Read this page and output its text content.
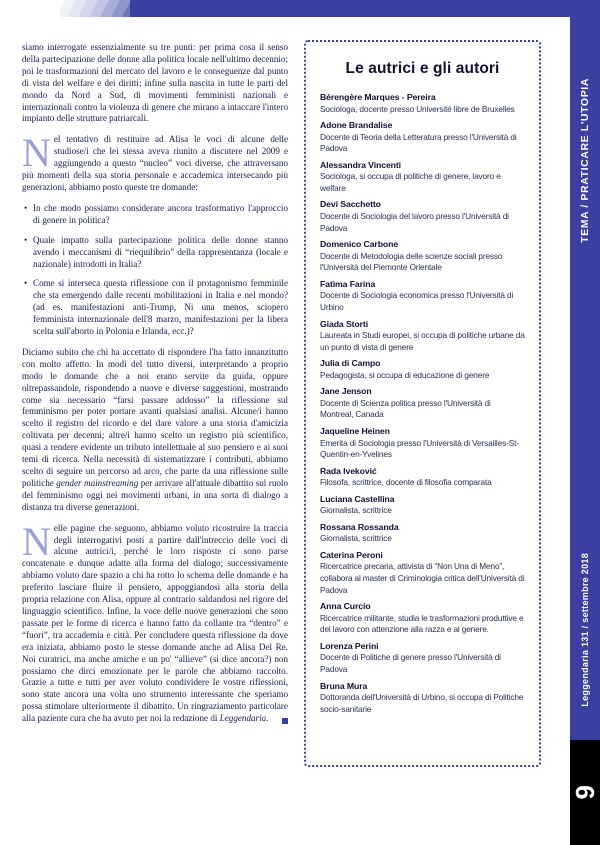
TEMA / PRATICARE L'UTOPIA
Leggendaria 131 / settembre 2018
9

siamo interrogate essenzialmente su tre punti: per prima cosa il senso della partecipazione delle donne alla politica locale nell'ultimo decennio; poi le trasformazioni del mercato del lavoro e le conseguenze dal punto di vista del welfare e dei diritti; infine sulla nascita in tutte le parti del mondo da Nord a Sud, di movimenti femministi nazionali e internazionali contro la violenza di genere che mirano a intaccare l'intero impianto delle strutture patriarcali.

Nel tentativo di restituire ad Alisa le voci di alcune delle studiose/i che lei stessa aveva riunito a discutere nel 2009 e aggiungendo a questo “nucleo” voci diverse, che attraversano più momenti della sua storia personale e accademica intersecando più generazioni, abbiamo posto queste tre domande:

• In che modo possiamo considerare ancora trasformativo l'approccio di genere in politica?
• Quale impatto sulla partecipazione politica delle donne stanno avendo i meccanismi di “riequilibrio” della rappresentanza (locale e nazionale) introdotti in Italia?
• Come si interseca questa riflessione con il protagonismo femminile che sta emergendo dalle recenti mobilitazioni in Italia e nel mondo? (ad es. manifestazioni anti-Trump, Ni una menos, sciopero femminista internazionale dell'8 marzo, manifestazioni per la libera scelta sull'aborto in Polonia e Irlanda, ecc.)?

Diciamo subito che chi ha accettato di rispondere l'ha fatto innanzitutto con molto affetto. In modi del tutto diversi, interpretando a proprio modo le domande che a noi erano servite da guida, oppure oltrepassandole, rispondendo a nuove e diverse suggestioni, mostrando come sia necessario “farsi passare addosso” la riflessione sul femminismo per poter portare avanti qualsiasi analisi. Alcune/i hanno scelto il registro del ricordo e del dare valore a una storia d'amicizia coltivata per decenni; altre/i hanno scelto un registro più scientifico, quasi a rendere evidente un tributo intellettuale al suo pensiero e ai suoi temi di ricerca. Nella necessità di sistematizzare i contributi, abbiamo scelto di seguire un percorso ad arco, che parte da una riflessione sulle politiche gender mainstreaming per arrivare all'attuale dibattito sul ruolo del femminismo oggi nei movimenti urbani, in una sorta di dialogo a distanza tra diverse generazioni.

Nelle pagine che seguono, abbiamo voluto ricostruire la traccia degli interrogativi posti a partire dall'intreccio delle voci di alcune autrici/i, perché le loro risposte ci sono parse concatenate e dunque adatte alla forma del dialogo; successivamente abbiamo voluto dare spazio a chi ha rotto lo schema delle domande e ha preferito lasciare fluire il pensiero, appoggiandosi alla storia della propria relazione con Alisa, oppure al contrario saldandosi nel rigore del linguaggio scientifico. Infine, la voce delle nuove generazioni che sono passate per le forme di ricerca e hanno fatto da collante tra “dentro” e “fuori”, tra accademia e città. Per concludere questa riflessione da dove era iniziata, abbiamo posto le stesse domande anche ad Alisa Del Re. Noi curatrici, ma anche amiche e un po' “allieve” (si dice ancora?) non possiamo che dirci emozionate per le parole che abbiamo raccolto. Grazie a tutte e tutti per aver voluto condividere le vostre riflessioni, sono state ancora una volta uno strumento interessante che speriamo possa stimolare ulteriormente il dibattito. Un ringraziamento particolare alla paziente cura che ha avuto per noi la redazione di Leggendaria.

Le autrici e gli autori
Bérengère Marques - Pereira
Sociologa, docente presso Université libre de Bruxelles
Adone Brandalise
Docente di Teoria della Letteratura presso l'Università di Padova
Alessandra Vincenti
Sociologa, si occupa di politiche di genere, lavoro e welfare
Devi Sacchetto
Docente di Sociologia del lavoro presso l'Università di Padova
Domenico Carbone
Docente di Metodologia delle scienze sociali presso l'Università del Piemonte Orientale
Fatima Farina
Docente di Sociologia economica presso l'Università di Urbino
Giada Storti
Laureata in Studi europei, si occupa di politiche urbane da un punto di vista di genere
Julia di Campo
Pedagogista, si occupa di educazione di genere
Jane Jenson
Docente di Scienza politica presso l'Università di Montreal, Canada
Jaqueline Heinen
Emerita di Sociologia presso l'Università di Versailles-St-Quentin-en-Yvelines
Rada Iveković
Filosofa, scrittrice, docente di filosofia comparata
Luciana Castellina
Giornalista, scrittrice
Rossana Rossanda
Giornalista, scrittrice
Caterina Peroni
Ricercatrice precaria, attivista di “Non Una di Meno”, collabora al master di Criminologia critica dell'Università di Padova
Anna Curcio
Ricercatrice militante, studia le trasformazioni produttive e del lavoro con attenzione alla razza e al genere.
Lorenza Perini
Docente di Politiche di genere presso l'Università di Padova
Bruna Mura
Dottoranda dell'Università di Urbino, si occupa di Politiche socio-sanitarie
